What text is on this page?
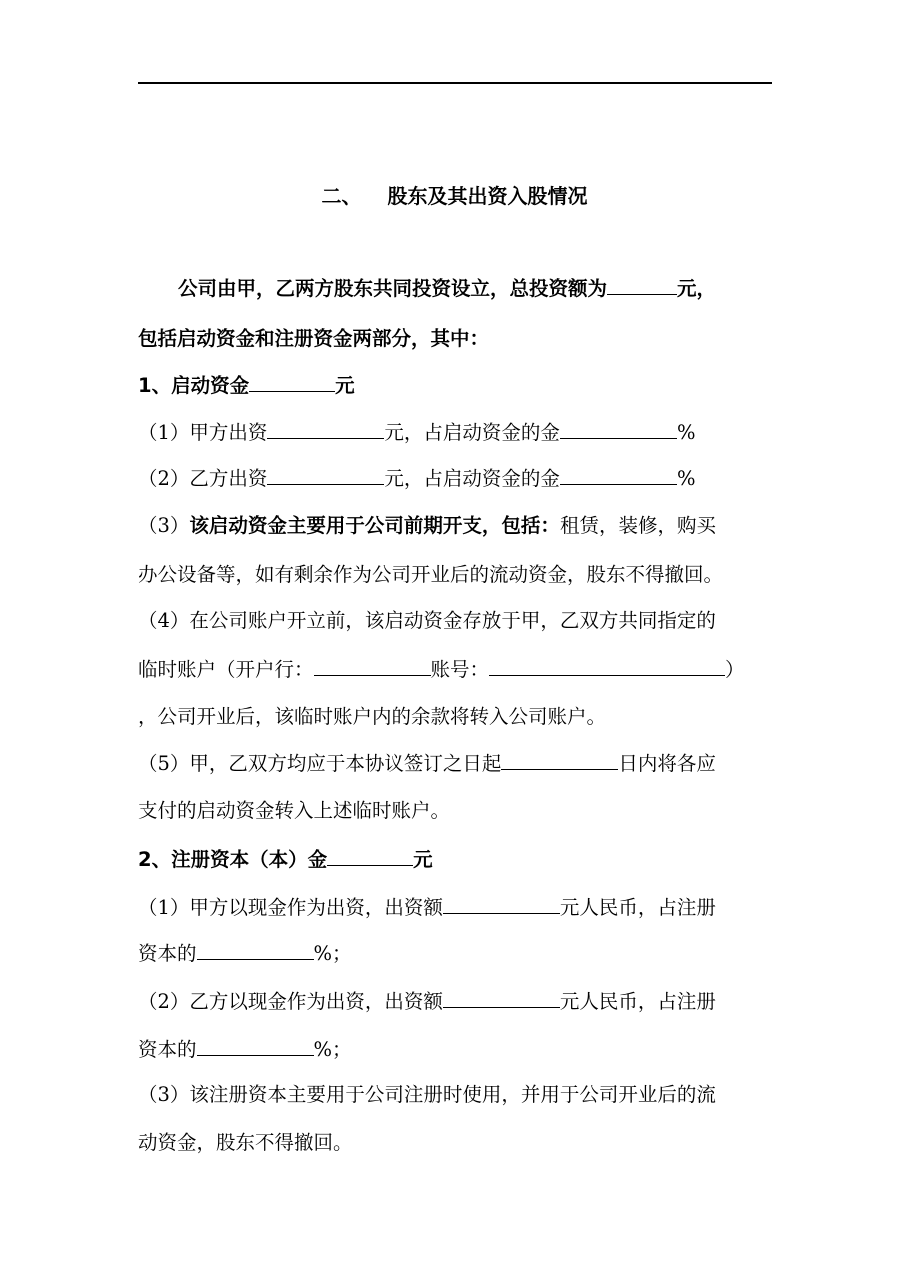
二、 股东及其出资入股情况
公司由甲，乙两方股东共同投资设立，总投资额为	元，
包括启动资金和注册资金两部分，其中：
1、启动资金	元
（1）甲方出资	元，占启动资金的金	%
（2）乙方出资	元，占启动资金的金	%
（3）该启动资金主要用于公司前期开支，包括：租赁，装修，购买
办公设备等，如有剩余作为公司开业后的流动资金，股东不得撤回。
（4）在公司账户开立前，该启动资金存放于甲，乙双方共同指定的
临时账户（开户行：	账号：	）
，公司开业后，该临时账户内的余款将转入公司账户。
（5）甲，乙双方均应于本协议签订之日起	日内将各应
支付的启动资金转入上述临时账户。
2、注册资本（本）金	元
（1）甲方以现金作为出资，出资额	元人民币，占注册
资本的	%；
（2）乙方以现金作为出资，出资额	元人民币，占注册
资本的	%；
（3）该注册资本主要用于公司注册时使用，并用于公司开业后的流
动资金，股东不得撤回。
